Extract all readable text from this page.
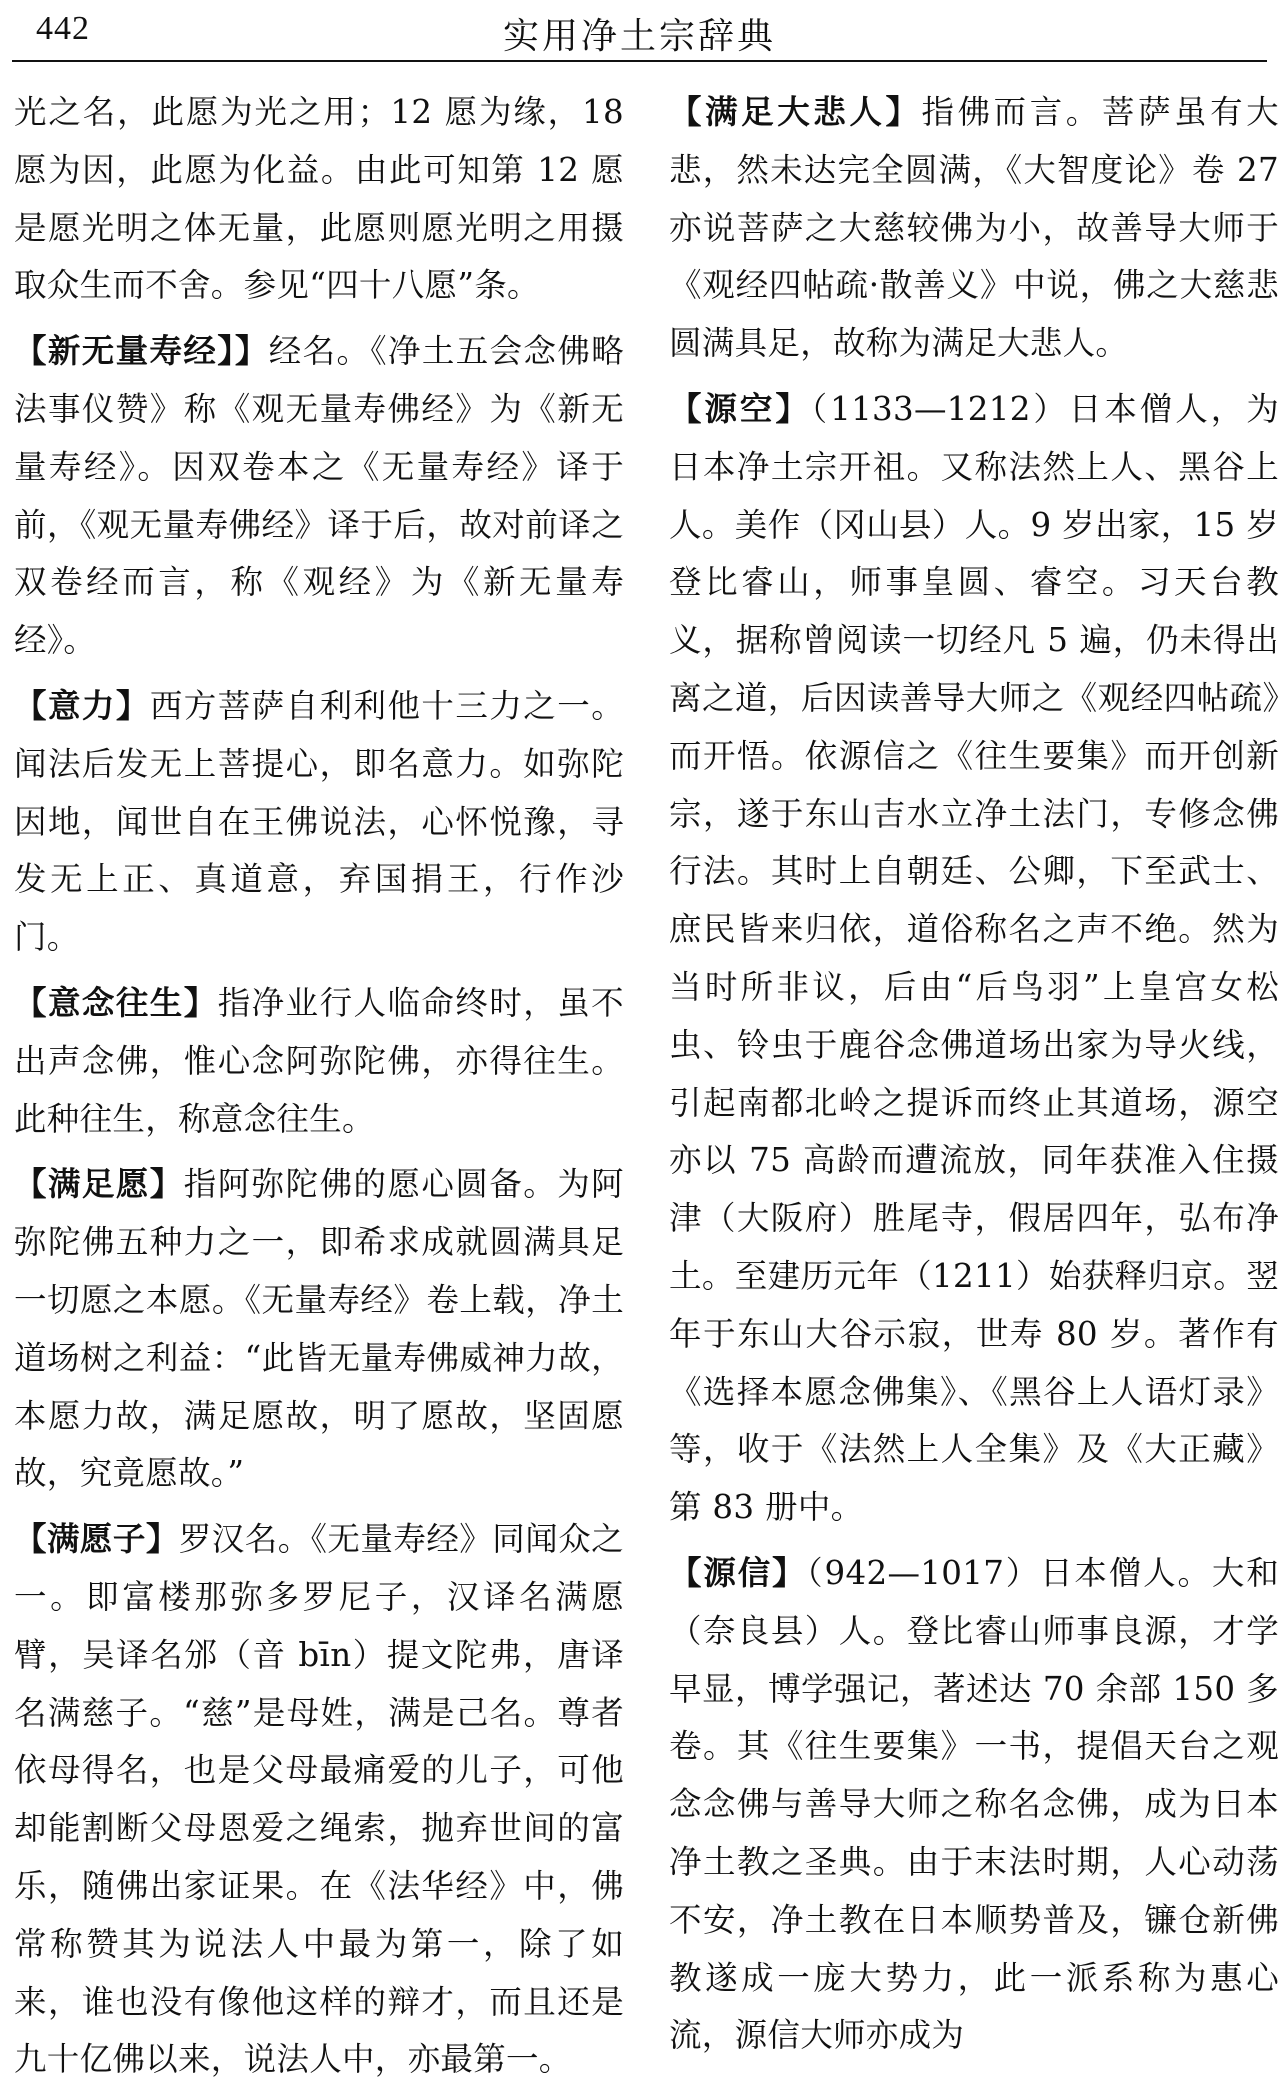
442	实用净土宗辞典

光之名，此愿为光之用；12 愿为缘，18 愿为因，此愿为化益。由此可知第 12 愿是愿光明之体无量，此愿则愿光明之用摄取众生而不舍。参见“四十八愿”条。

【新无量寿经】】经名。《净土五会念佛略法事仪赞》称《观无量寿佛经》为《新无量寿经》。因双卷本之《无量寿经》译于前，《观无量寿佛经》译于后，故对前译之双卷经而言，称《观经》为《新无量寿经》。

【意力】西方菩萨自利利他十三力之一。闻法后发无上菩提心，即名意力。如弥陀因地，闻世自在王佛说法，心怀悦豫，寻发无上正、真道意，弃国捐王，行作沙门。

【意念往生】指净业行人临命终时，虽不出声念佛，惟心念阿弥陀佛，亦得往生。此种往生，称意念往生。

【满足愿】指阿弥陀佛的愿心圆备。为阿弥陀佛五种力之一，即希求成就圆满具足一切愿之本愿。《无量寿经》卷上载，净土道场树之利益：“此皆无量寿佛威神力故，本愿力故，满足愿故，明了愿故，坚固愿故，究竟愿故。”

【满愿子】罗汉名。《无量寿经》同闻众之一。即富楼那弥多罗尼子，汉译名满愿臂，吴译名邠（音 bīn）提文陀弗，唐译名满慈子。“慈”是母姓，满是己名。尊者依母得名，也是父母最痛爱的儿子，可他却能割断父母恩爱之绳索，抛弃世间的富乐，随佛出家证果。在《法华经》中，佛常称赞其为说法人中最为第一，除了如来，谁也没有像他这样的辩才，而且还是九十亿佛以来，说法人中，亦最第一。

【满足大悲人】指佛而言。菩萨虽有大悲，然未达完全圆满，《大智度论》卷 27 亦说菩萨之大慈较佛为小，故善导大师于《观经四帖疏·散善义》中说，佛之大慈悲圆满具足，故称为满足大悲人。

【源空】（1133—1212）日本僧人，为日本净土宗开祖。又称法然上人、黑谷上人。美作（冈山县）人。9 岁出家，15 岁登比睿山，师事皇圆、睿空。习天台教义，据称曾阅读一切经凡 5 遍，仍未得出离之道，后因读善导大师之《观经四帖疏》而开悟。依源信之《往生要集》而开创新宗，遂于东山吉水立净土法门，专修念佛行法。其时上自朝廷、公卿，下至武士、庶民皆来归依，道俗称名之声不绝。然为当时所非议，后由“后鸟羽”上皇宫女松虫、铃虫于鹿谷念佛道场出家为导火线，引起南都北岭之提诉而终止其道场，源空亦以 75 高龄而遭流放，同年获准入住摄津（大阪府）胜尾寺，假居四年，弘布净土。至建历元年（1211）始获释归京。翌年于东山大谷示寂，世寿 80 岁。著作有《选择本愿念佛集》、《黑谷上人语灯录》等，收于《法然上人全集》及《大正藏》第 83 册中。

【源信】（942—1017）日本僧人。大和（奈良县）人。登比睿山师事良源，才学早显，博学强记，著述达 70 余部 150 多卷。其《往生要集》一书，提倡天台之观念念佛与善导大师之称名念佛，成为日本净土教之圣典。由于末法时期，人心动荡不安，净土教在日本顺势普及，镰仓新佛教遂成一庞大势力，此一派系称为惠心流，源信大师亦成为
